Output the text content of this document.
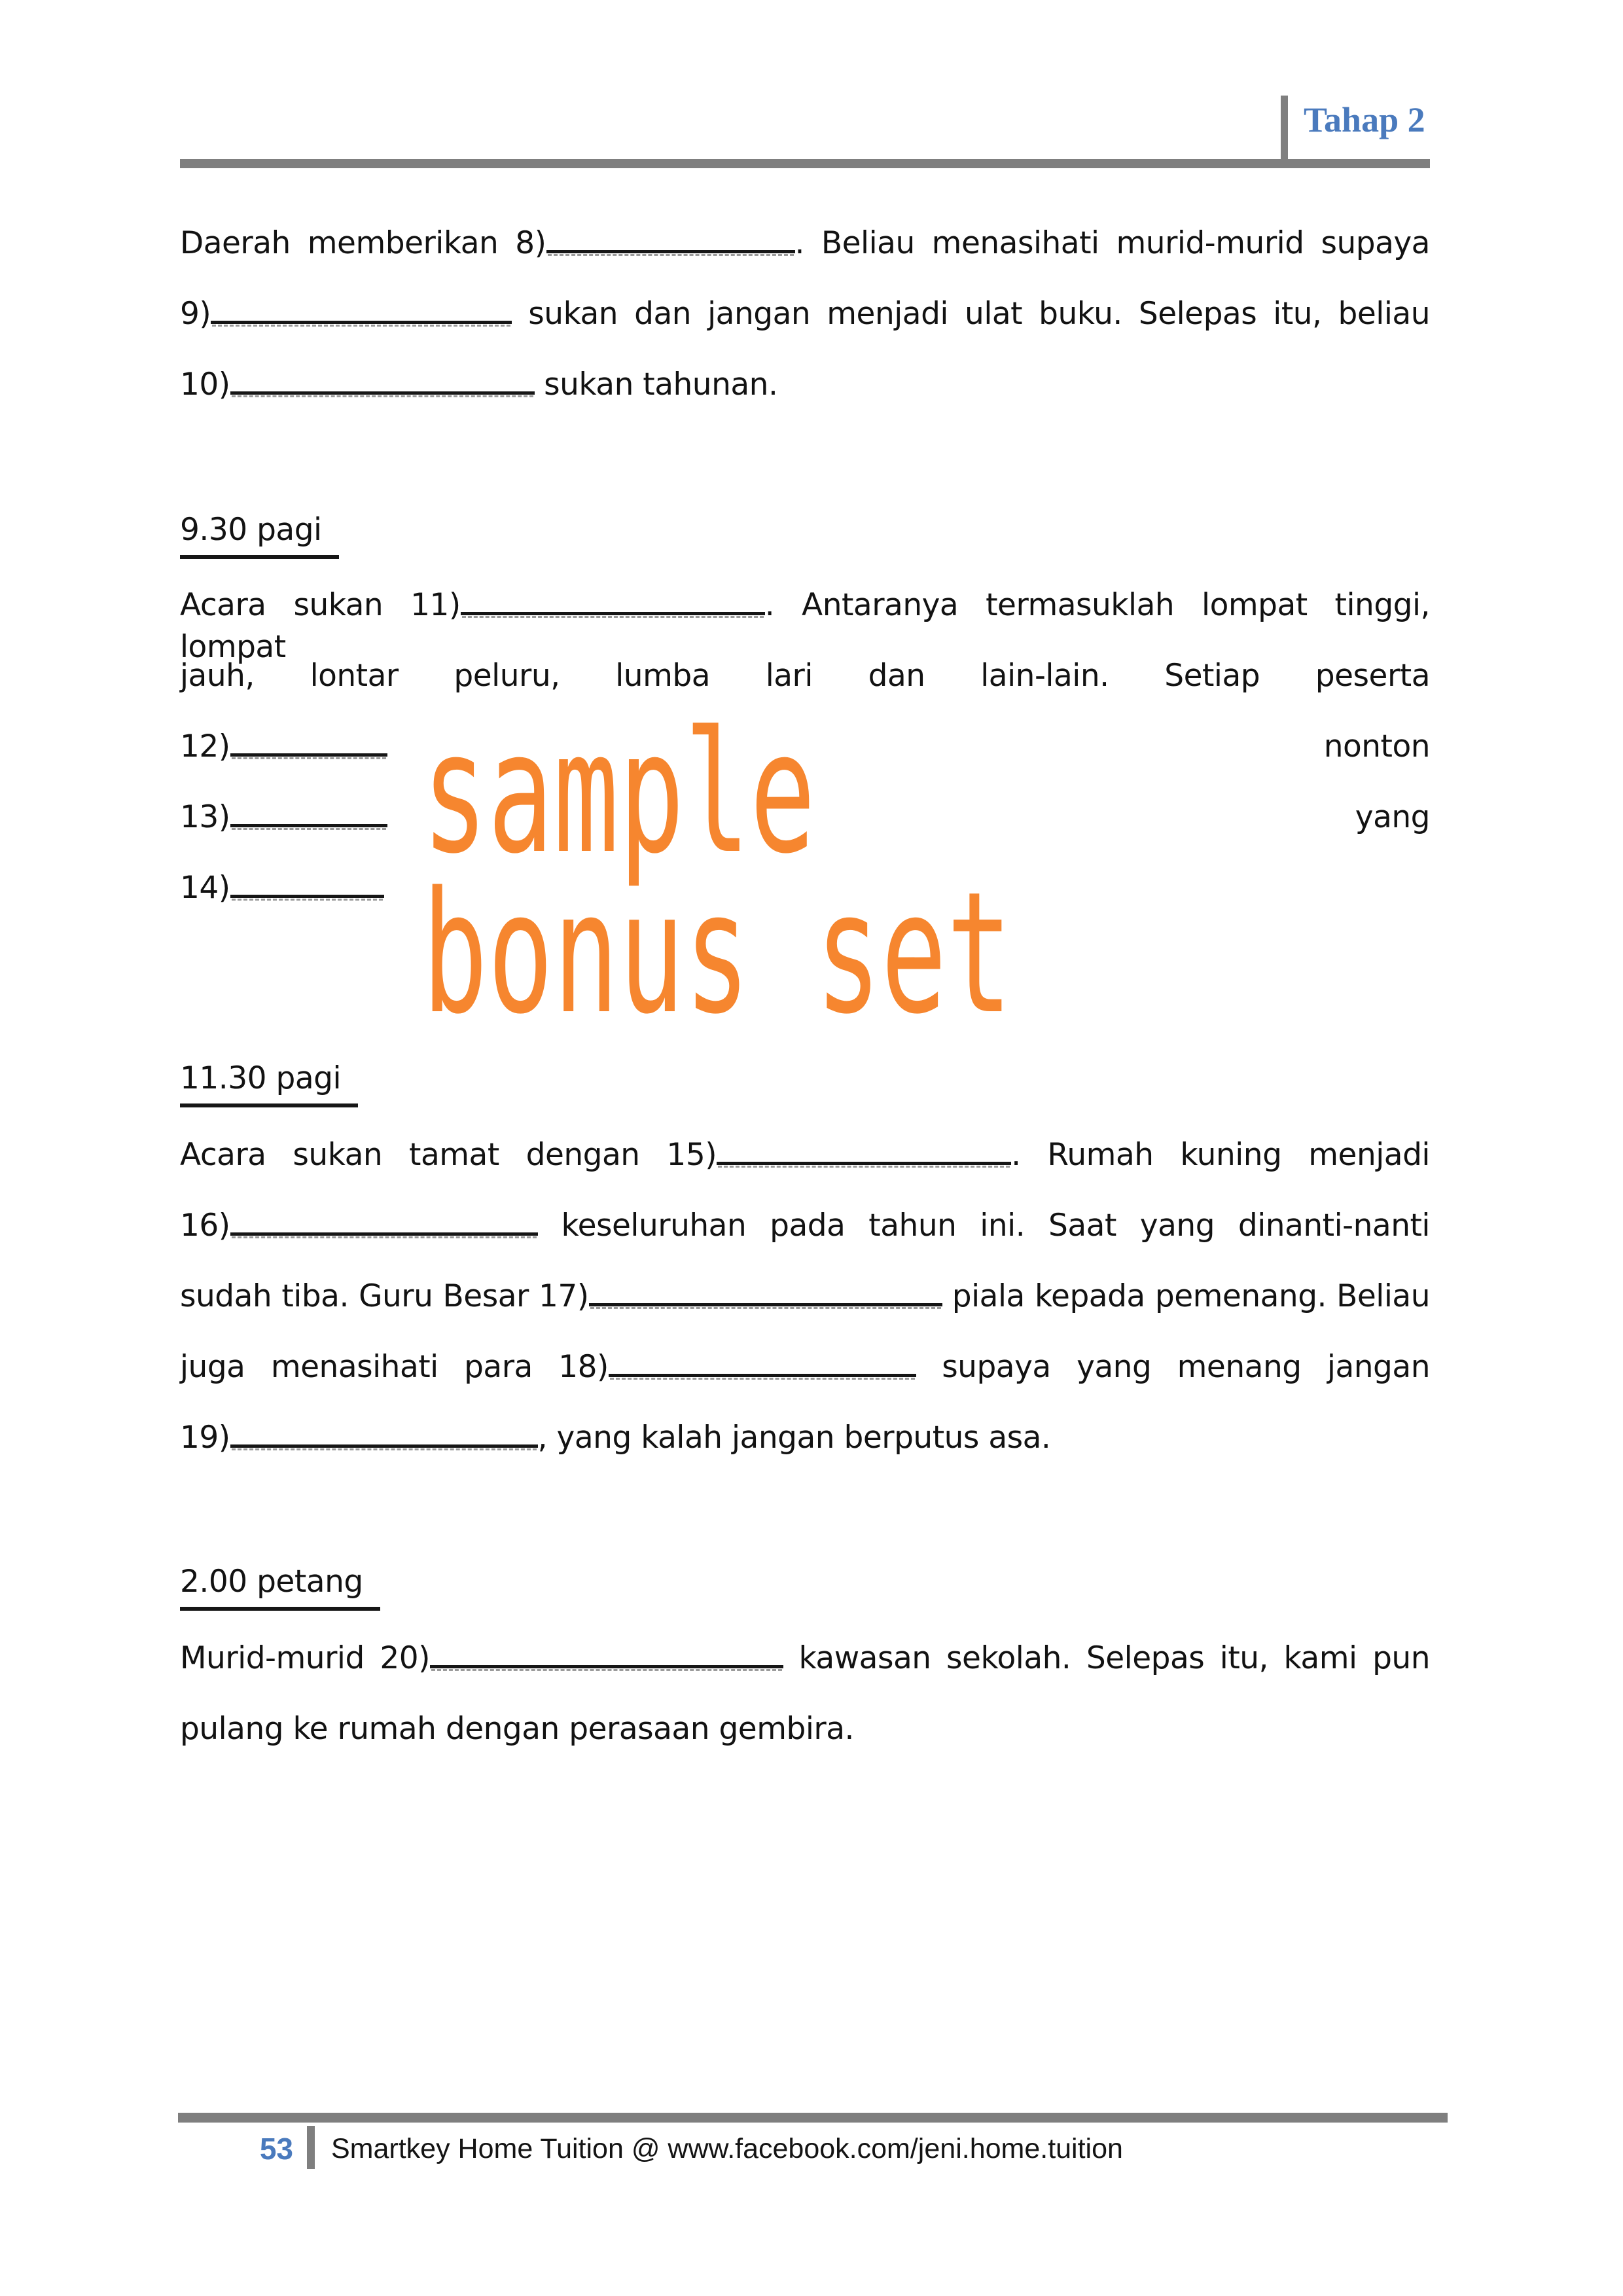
Tahap 2
Daerah memberikan 8)	. Beliau menasihati murid-murid supaya
9)	sukan dan jangan menjadi ulat buku. Selepas itu, beliau
10)	sukan tahunan.
9.30 pagi
Acara sukan 11)	. Antaranya termasuklah lompat tinggi, lompat
jauh, lontar peluru, lumba lari dan lain-lain. Setiap peserta
12)	nonton
13)	yang
14)	sample
bonus set
11.30 pagi
Acara sukan tamat dengan 15)	. Rumah kuning menjadi
16)	keseluruhan pada tahun ini. Saat yang dinanti-nanti
sudah tiba. Guru Besar 17)	piala kepada pemenang. Beliau
juga menasihati para 18)	supaya yang menang jangan
19)	, yang kalah jangan berputus asa.
2.00 petang
Murid-murid 20)	kawasan sekolah. Selepas itu, kami pun
pulang ke rumah dengan perasaan gembira.
53 Smartkey Home Tuition @ www.facebook.com/jeni.home.tuition
